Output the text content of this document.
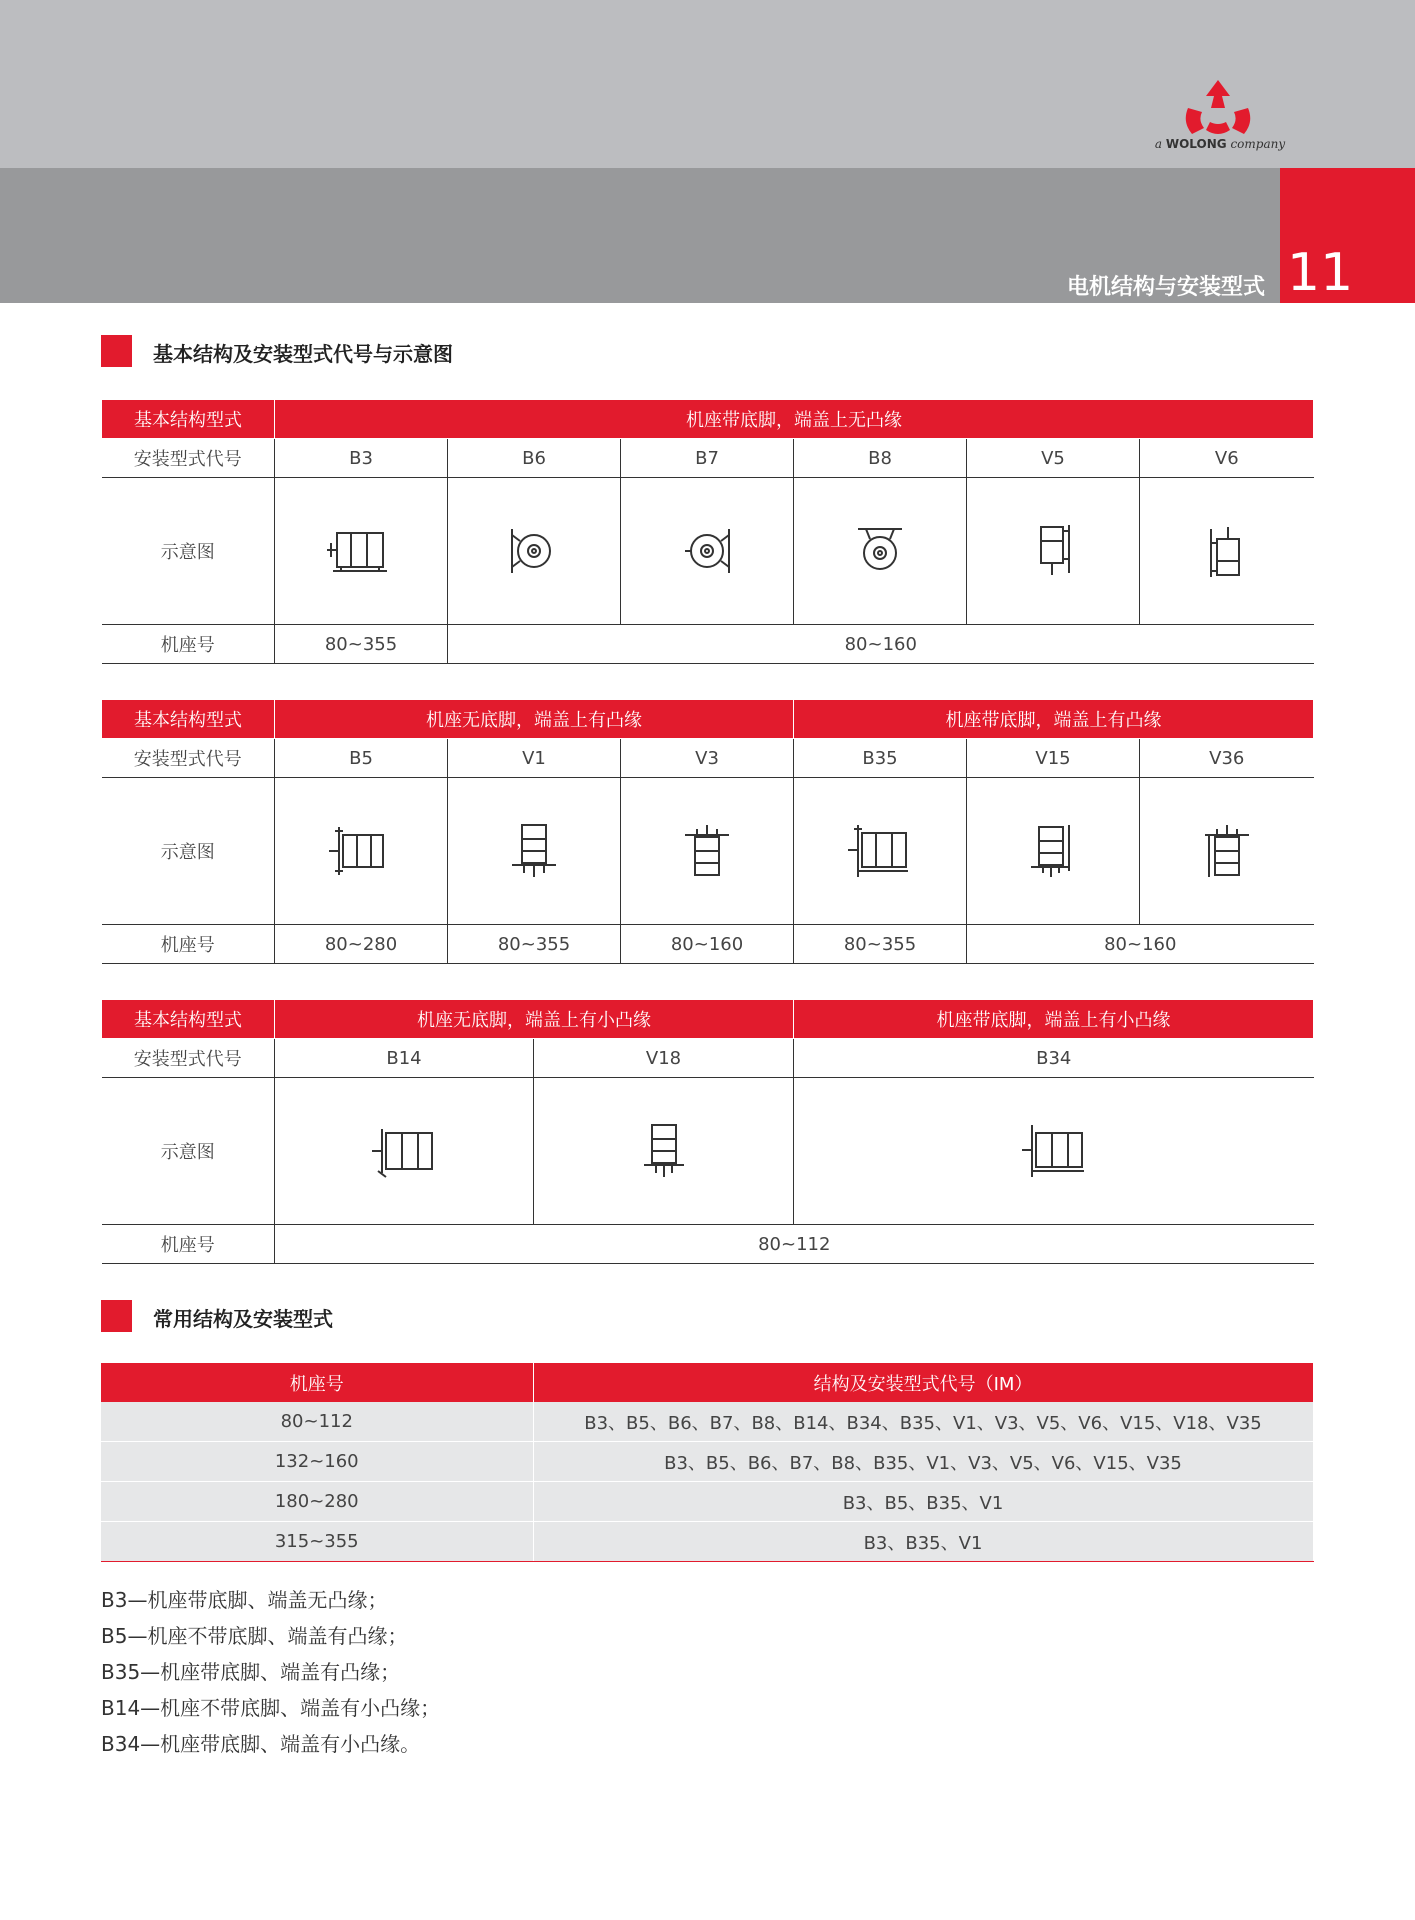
a WOLONG company
电机结构与安装型式 11
基本结构及安装型式代号与示意图
基本结构型式	机座带底脚，端盖上无凸缘					
安装型式代号	B3	B6	B7	B8	V5	V6
示意图	

机座号	80~355	80~160				
基本结构型式	机座无底脚，端盖上有凸缘			机座带底脚，端盖上有凸缘		
安装型式代号	B5	V1	V3	B35	V15	V36
示意图	

机座号	80~280	80~355	80~160	80~355	80~160	
基本结构型式	机座无底脚，端盖上有小凸缘		机座带底脚，端盖上有小凸缘
安装型式代号	B14	V18	B34
示意图	

机座号	80~112		
常用结构及安装型式
机座号	结构及安装型式代号（IM）
80~112	B3、B5、B6、B7、B8、B14、B34、B35、V1、V3、V5、V6、V15、V18、V35
132~160	B3、B5、B6、B7、B8、B35、V1、V3、V5、V6、V15、V35
180~280	B3、B5、B35、V1
315~355	B3、B35、V1
B3—机座带底脚、端盖无凸缘；
B5—机座不带底脚、端盖有凸缘；
B35—机座带底脚、端盖有凸缘；
B14—机座不带底脚、端盖有小凸缘；
B34—机座带底脚、端盖有小凸缘。
